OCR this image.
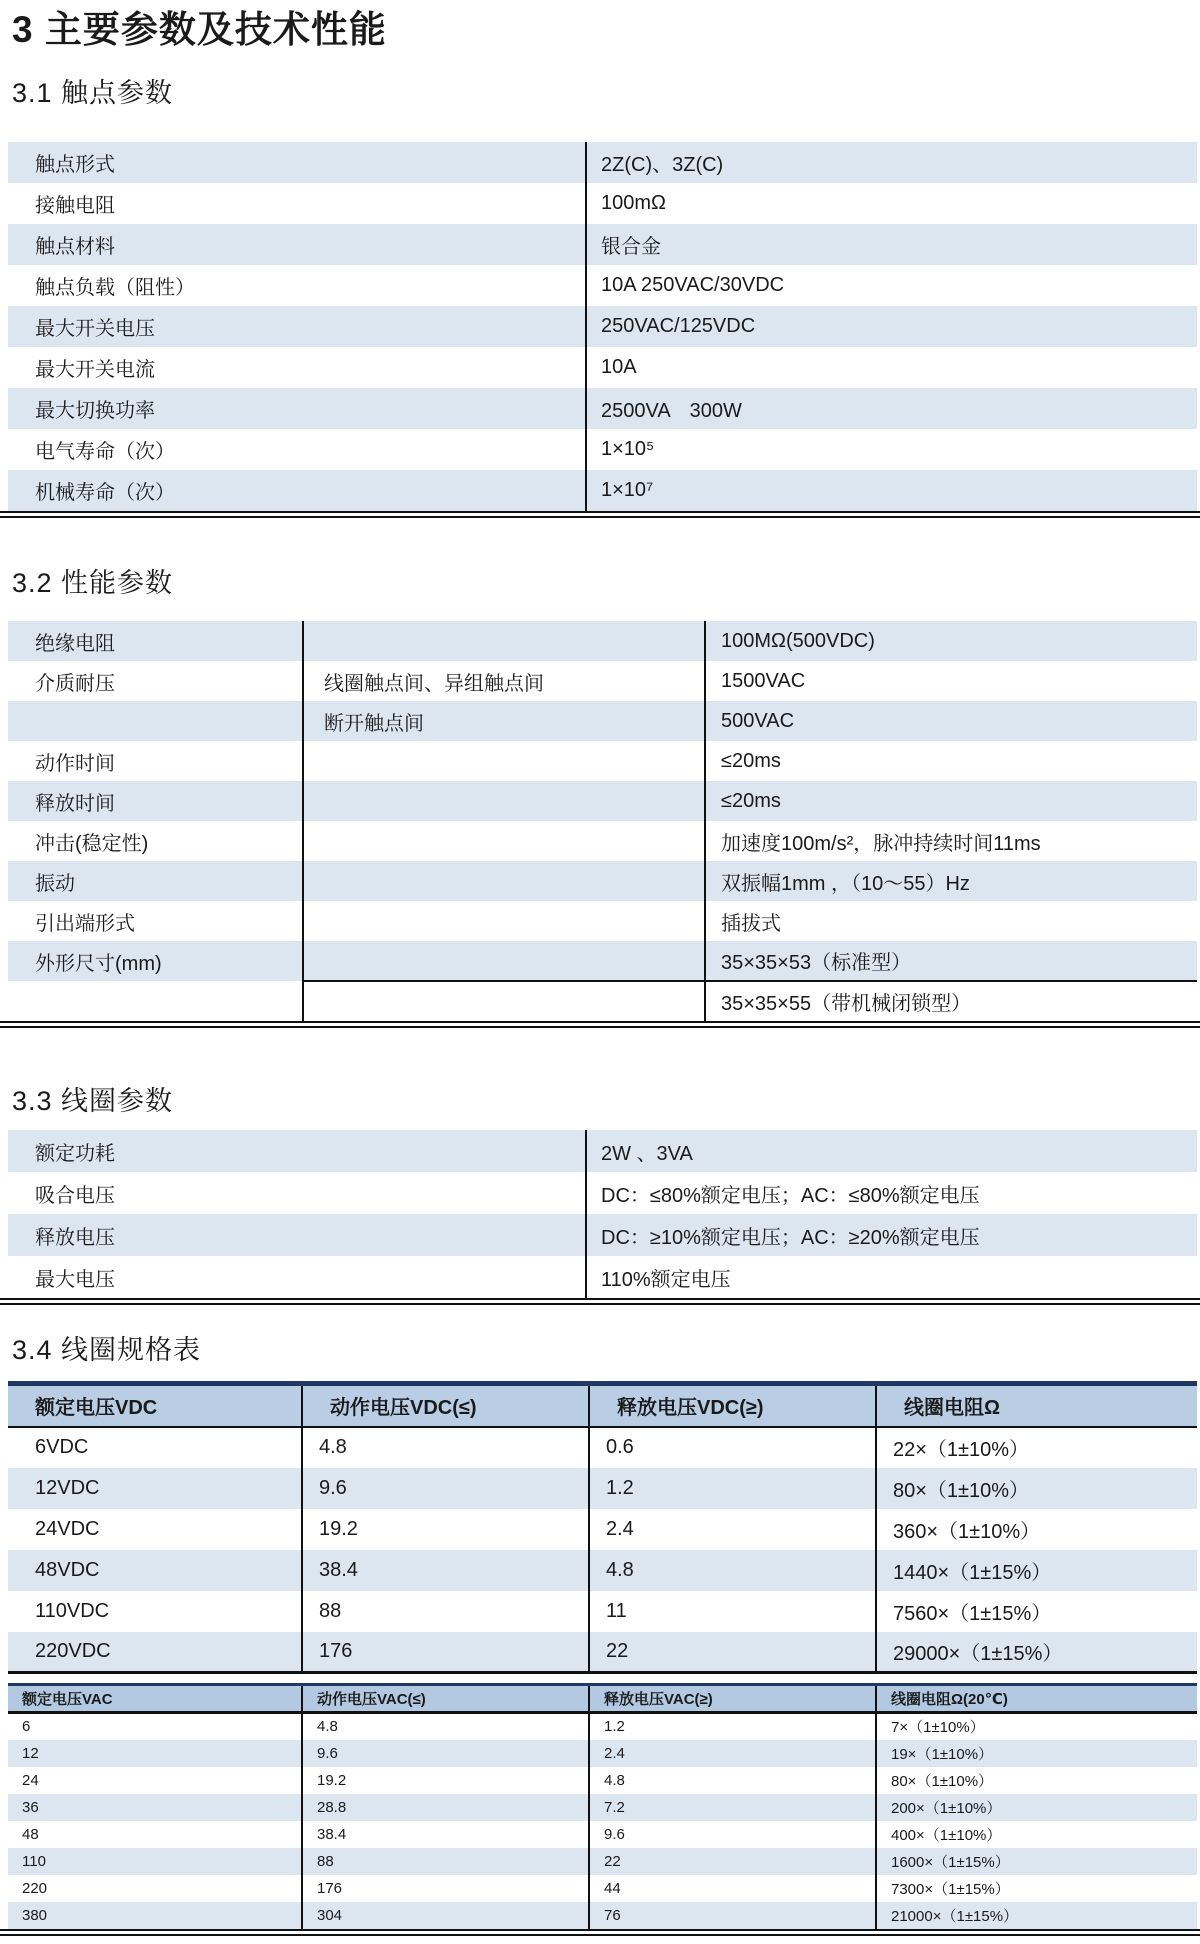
3 主要参数及技术性能
3.1 触点参数
触点形式	2Z(C)、3Z(C)
接触电阻	100mΩ
触点材料	银合金
触点负载（阻性）	10A 250VAC/30VDC
最大开关电压	250VAC/125VDC
最大开关电流	10A
最大切换功率	2500VA　300W
电气寿命（次）	1×10⁵
机械寿命（次）	1×10⁷
3.2 性能参数
绝缘电阻		100MΩ(500VDC)
介质耐压	线圈触点间、异组触点间	1500VAC
	断开触点间	500VAC
动作时间		≤20ms
释放时间		≤20ms
冲击(稳定性)		加速度100m/s²，脉冲持续时间11ms
振动		双振幅1mm ，（10～55）Hz
引出端形式		插拔式
外形尺寸(mm)		35×35×53（标准型）
		35×35×55（带机械闭锁型）
3.3 线圈参数
额定功耗	2W 、3VA
吸合电压	DC：≤80%额定电压；AC：≤80%额定电压
释放电压	DC：≥10%额定电压；AC：≥20%额定电压
最大电压	110%额定电压
3.4 线圈规格表
额定电压VDC	动作电压VDC(≤)	释放电压VDC(≥)	线圈电阻Ω
6VDC	4.8	0.6	22×（1±10%）
12VDC	9.6	1.2	80×（1±10%）
24VDC	19.2	2.4	360×（1±10%）
48VDC	38.4	4.8	1440×（1±15%）
110VDC	88	11	7560×（1±15%）
220VDC	176	22	29000×（1±15%）
额定电压VAC	动作电压VAC(≤)	释放电压VAC(≥)	线圈电阻Ω(20℃)
6	4.8	1.2	7×（1±10%）
12	9.6	2.4	19×（1±10%）
24	19.2	4.8	80×（1±10%）
36	28.8	7.2	200×（1±10%）
48	38.4	9.6	400×（1±10%）
110	88	22	1600×（1±15%）
220	176	44	7300×（1±15%）
380	304	76	21000×（1±15%）
